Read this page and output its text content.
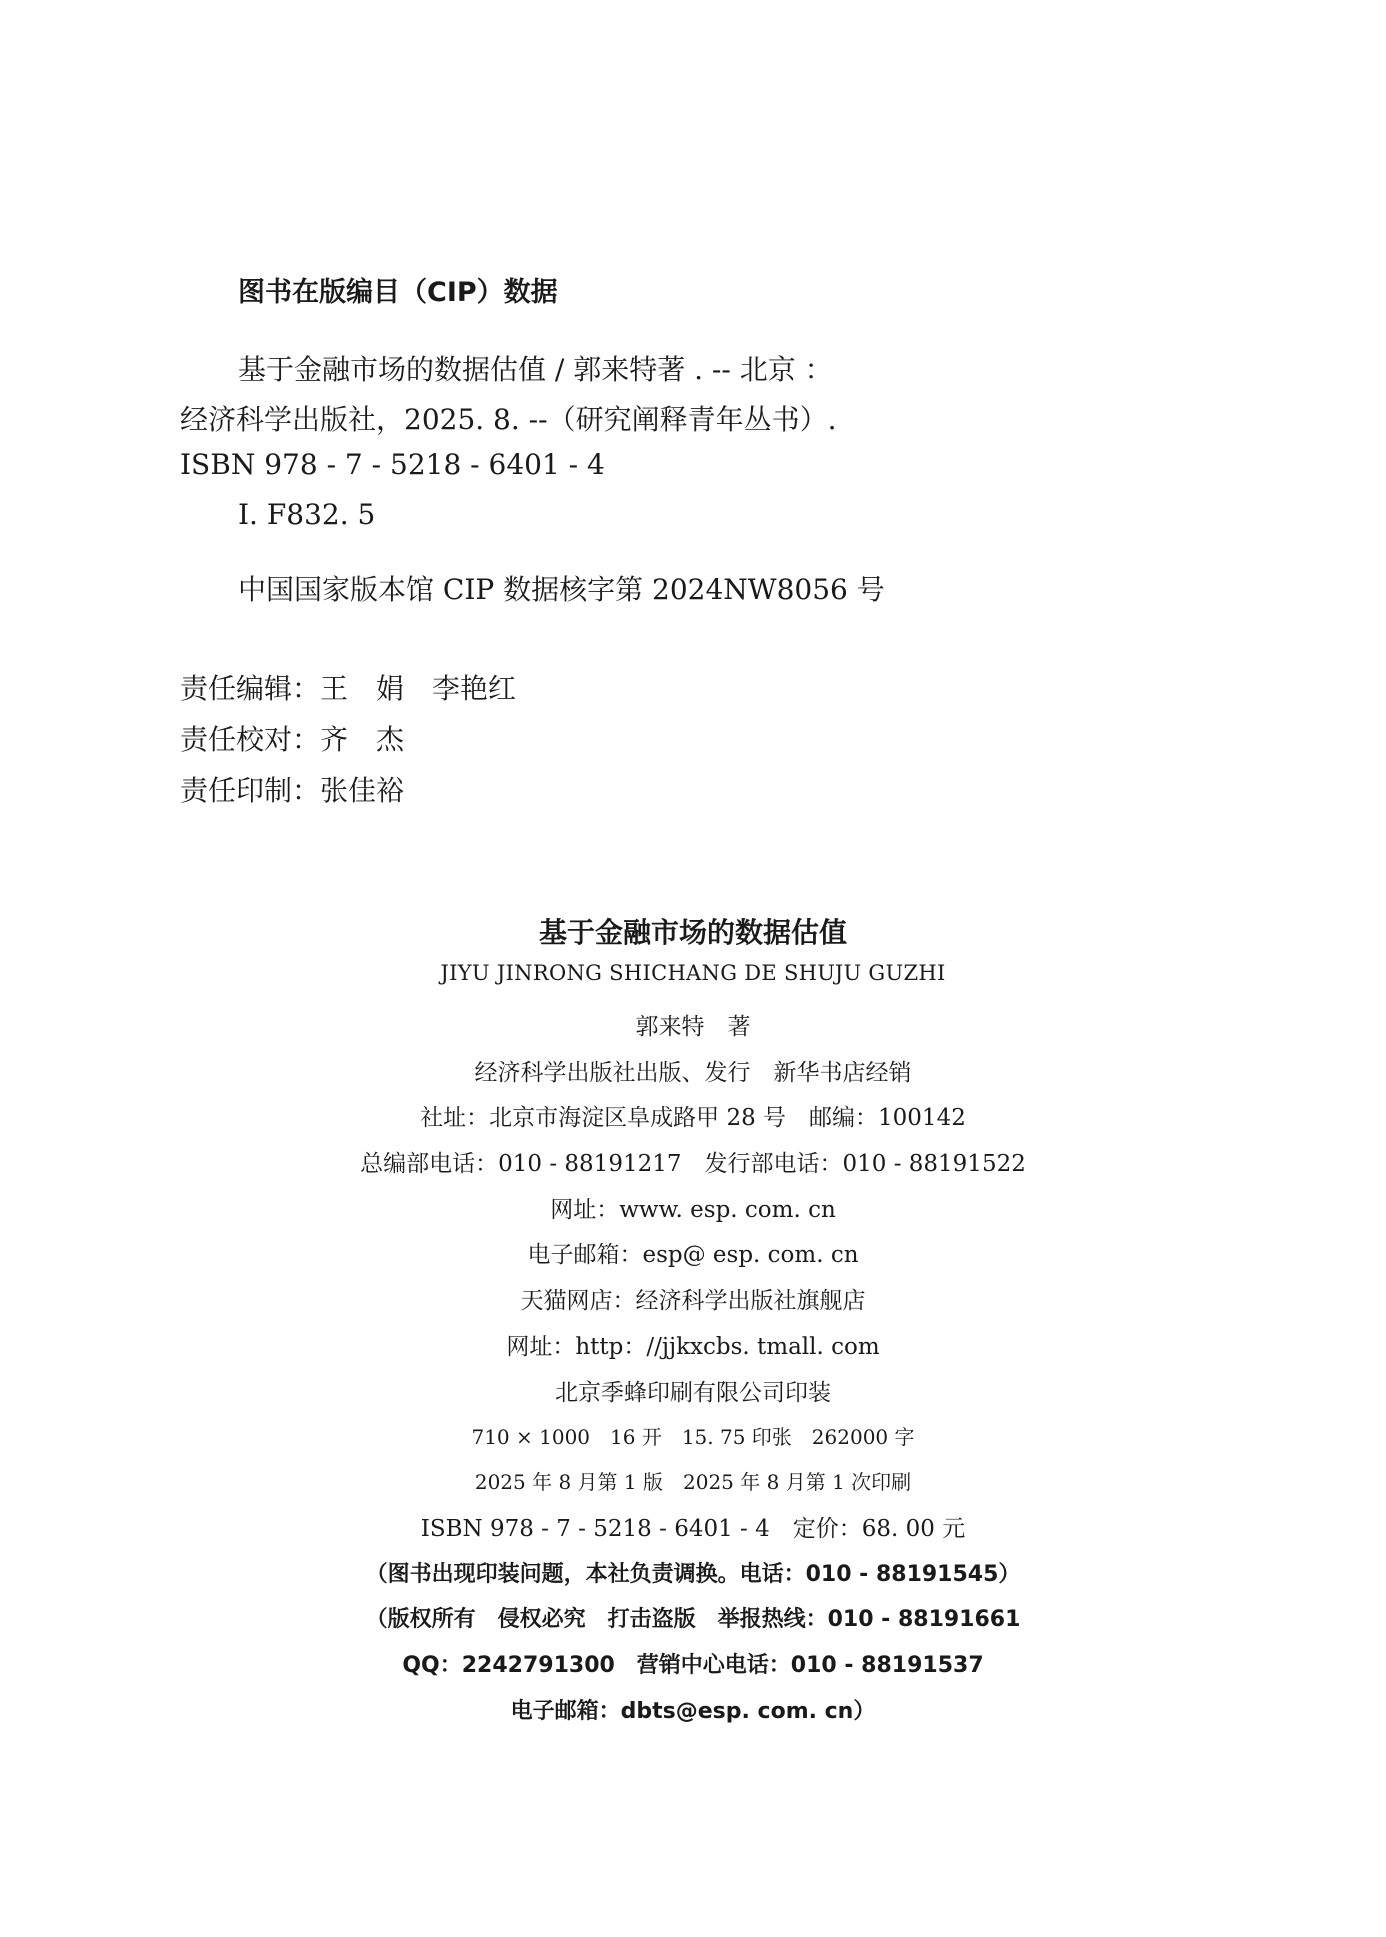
图书在版编目（CIP）数据
基于金融市场的数据估值 / 郭来特著 . -- 北京 ：
经济科学出版社，2025. 8. --（研究阐释青年丛书）.
ISBN 978 - 7 - 5218 - 6401 - 4
Ⅰ. F832. 5
中国国家版本馆 CIP 数据核字第 2024NW8056 号
责任编辑：王　娟　李艳红
责任校对：齐　杰
责任印制：张佳裕
基于金融市场的数据估值
JIYU JINRONG SHICHANG DE SHUJU GUZHI
郭来特　著
经济科学出版社出版、发行　新华书店经销
社址：北京市海淀区阜成路甲 28 号　邮编：100142
总编部电话：010 - 88191217　发行部电话：010 - 88191522
网址：www. esp. com. cn
电子邮箱：esp@ esp. com. cn
天猫网店：经济科学出版社旗舰店
网址：http：//jjkxcbs. tmall. com
北京季蜂印刷有限公司印装
710 × 1000　16 开　15. 75 印张　262000 字
2025 年 8 月第 1 版　2025 年 8 月第 1 次印刷
ISBN 978 - 7 - 5218 - 6401 - 4　定价：68. 00 元
（图书出现印装问题，本社负责调换。电话：010 - 88191545）
（版权所有　侵权必究　打击盗版　举报热线：010 - 88191661
QQ：2242791300　营销中心电话：010 - 88191537
电子邮箱：dbts@esp. com. cn）
